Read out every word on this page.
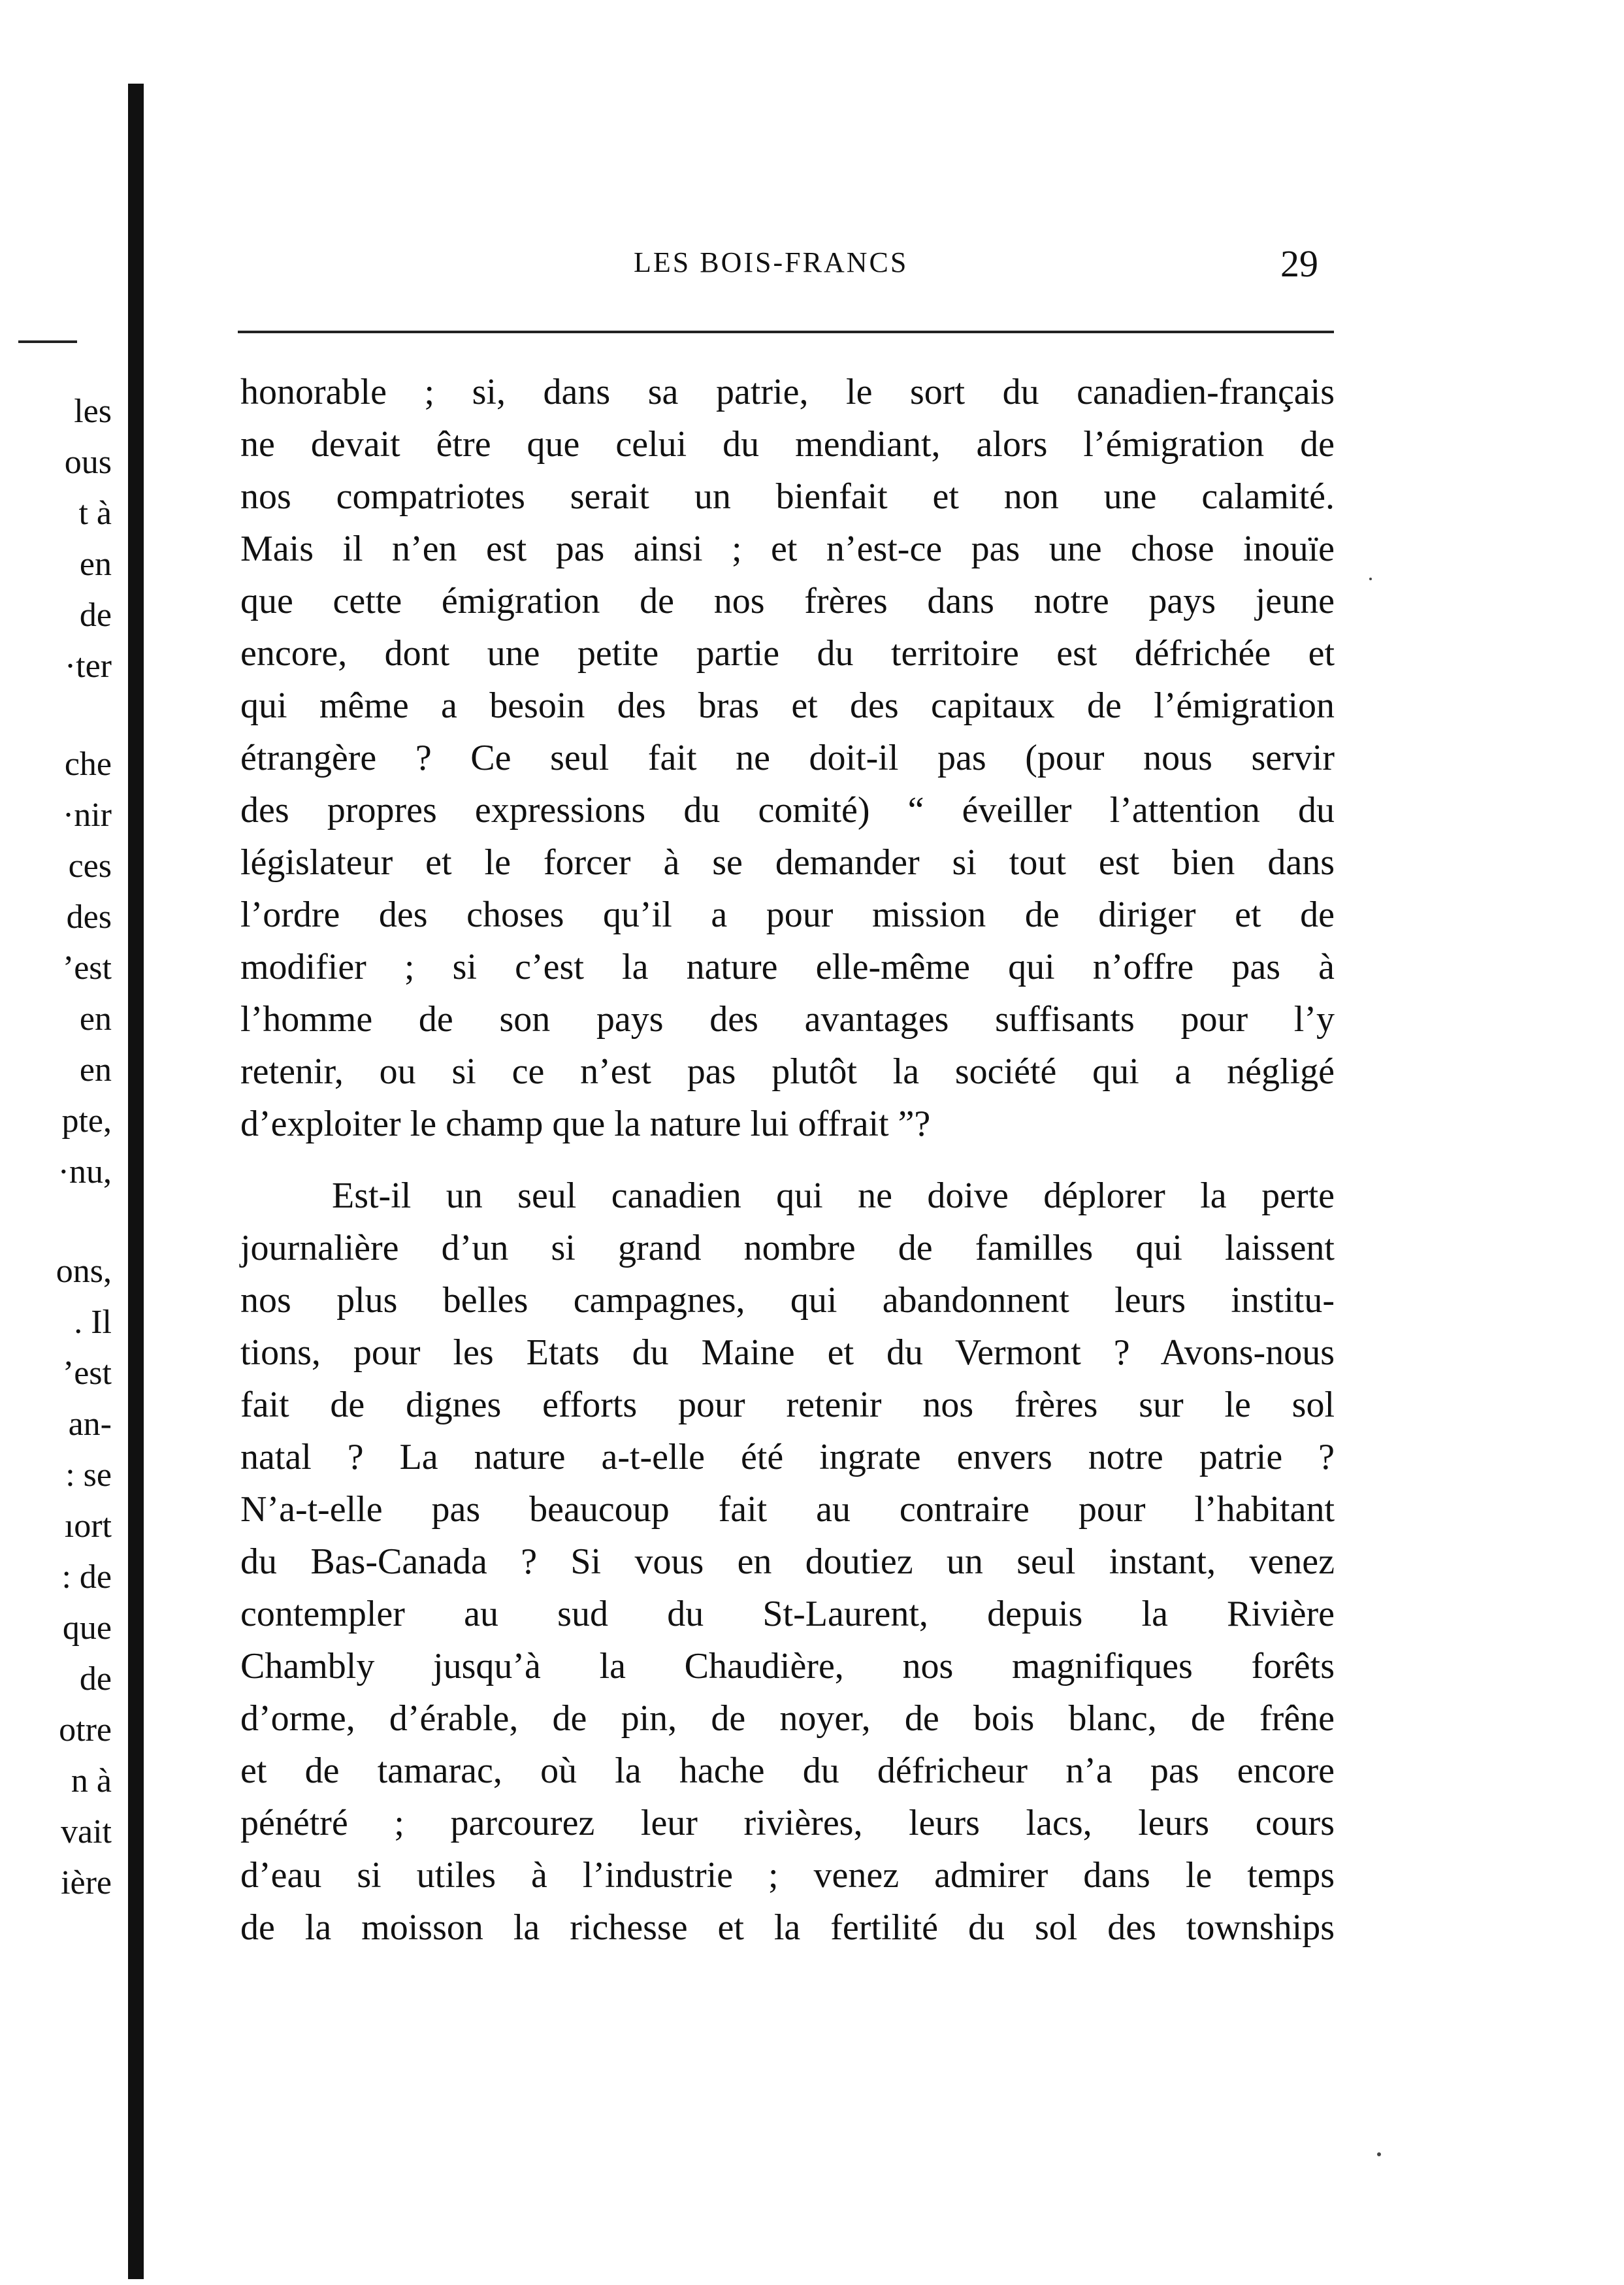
les
ous
t à
en
de
·ter
che
·nir
ces
des
’est
en
en
pte,
·nu,
ons,
. Il
’est
an-
: se
ıort
: de
que
de
otre
n à
vait
ière
LES BOIS-FRANCS	29
honorable ; si, dans sa patrie, le sort du canadien-français
ne devait être que celui du mendiant, alors l’émigration de
nos compatriotes serait un bienfait et non une calamité.
Mais il n’en est pas ainsi ; et n’est-ce pas une chose inouïe
que cette émigration de nos frères dans notre pays jeune
encore, dont une petite partie du territoire est défrichée et
qui même a besoin des bras et des capitaux de l’émigration
étrangère ? Ce seul fait ne doit-il pas (pour nous servir
des propres expressions du comité) “ éveiller l’attention du
législateur et le forcer à se demander si tout est bien dans
l’ordre des choses qu’il a pour mission de diriger et de
modifier ; si c’est la nature elle-même qui n’offre pas à
l’homme de son pays des avantages suffisants pour l’y
retenir, ou si ce n’est pas plutôt la société qui a négligé
d’exploiter le champ que la nature lui offrait ”?
Est-il un seul canadien qui ne doive déplorer la perte
journalière d’un si grand nombre de familles qui laissent
nos plus belles campagnes, qui abandonnent leurs institu-
tions, pour les Etats du Maine et du Vermont ? Avons-nous
fait de dignes efforts pour retenir nos frères sur le sol
natal ? La nature a-t-elle été ingrate envers notre patrie ?
N’a-t-elle pas beaucoup fait au contraire pour l’habitant
du Bas-Canada ? Si vous en doutiez un seul instant, venez
contempler au sud du St-Laurent, depuis la Rivière
Chambly jusqu’à la Chaudière, nos magnifiques forêts
d’orme, d’érable, de pin, de noyer, de bois blanc, de frêne
et de tamarac, où la hache du défricheur n’a pas encore
pénétré ; parcourez leur rivières, leurs lacs, leurs cours
d’eau si utiles à l’industrie ; venez admirer dans le temps
de la moisson la richesse et la fertilité du sol des townships
